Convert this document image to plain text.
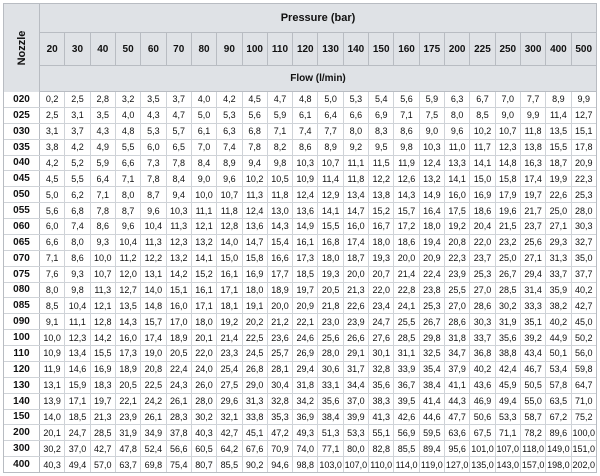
Nozzle
Pressure (bar)
20	30	40	50	60	70	80	90	100 110 120 130 140 150 160 175 200 225 250 300 400 500
Flow (l/min)
020	0,2	2,5	2,8	3,2	3,5	3,7	4,0	4,2	4,5	4,7	4,8	5,0	5,3	5,4	5,6	5,9	6,3	6,7	7,0	7,7	8,9	9,9
025	2,5	3,1	3,5	4,0	4,3	4,7	5,0	5,3	5,6	5,9	6,1	6,4	6,6	6,9	7,1	7,5	8,0	8,5	9,0	9,9	11,4 12,7
030	3,1	3,7	4,3	4,8	5,3	5,7	6,1	6,3	6,8	7,1	7,4	7,7	8,0	8,3	8,6	9,0	9,6	10,2 10,7 11,8 13,5 15,1
035	3,8	4,2	4,9	5,5	6,0	6,5	7,0	7,4	7,8	8,2	8,6	8,9	9,2	9,5	9,8	10,3 11,0 11,7 12,3 13,8 15,5 17,8
040	4,2	5,2	5,9	6,6	7,3	7,8	8,4	8,9	9,4	9,8	10,3 10,7 11,1 11,5 11,9 12,4 13,3 14,1 14,8 16,3 18,7 20,9
045	4,5	5,5	6,4	7,1	7,8	8,4	9,0	9,6	10,2 10,5 10,9 11,4 11,8 12,2 12,6 13,2 14,1 15,0 15,8 17,4 19,9 22,3
050	5,0	6,2	7,1	8,0	8,7	9,4	10,0 10,7 11,3 11,8 12,4 12,9 13,4 13,8 14,3 14,9 16,0 16,9 17,9 19,7 22,6 25,3
055	5,6	6,8	7,8	8,7	9,6	10,3 11,1 11,8 12,4 13,0 13,6 14,1 14,7 15,2 15,7 16,4 17,5 18,6 19,6 21,7 25,0 28,0
060	6,0	7,4	8,6	9,6	10,4 11,3 12,1 12,8 13,6 14,3 14,9 15,5 16,0 16,7 17,2 18,0 19,2 20,4 21,5 23,7 27,1 30,3
065	6,6	8,0	9,3	10,4 11,3 12,3 13,2 14,0 14,7 15,4 16,1 16,8 17,4 18,0 18,6 19,4 20,8 22,0 23,2 25,6 29,3 32,7
070	7,1	8,6	10,0 11,2 12,2 13,2 14,1 15,0 15,8 16,6 17,3 18,0 18,7 19,3 20,0 20,9 22,3 23,7 25,0 27,1 31,3 35,0
075	7,6	9,3	10,7 12,0 13,1 14,2 15,2 16,1 16,9 17,7 18,5 19,3 20,0 20,7 21,4 22,4 23,9 25,3 26,7 29,4 33,7 37,7
080	8,0	9,8	11,3 12,7 14,0 15,1 16,1 17,1 18,0 18,9 19,7 20,5 21,3 22,0 22,8 23,8 25,5 27,0 28,5 31,4 35,9 40,2
085	8,5	10,4 12,1 13,5 14,8 16,0 17,1 18,1 19,1 20,0 20,9 21,8 22,6 23,4 24,1 25,3 27,0 28,6 30,2 33,3 38,2 42,7
090	9,1	11,1 12,8 14,3 15,7 17,0 18,0 19,2 20,2 21,2 22,1 23,0 23,9 24,7 25,5 26,7 28,6 30,3 31,9 35,1 40,2 45,0
100	10,0 12,3 14,2 16,0 17,4 18,9 20,1 21,4 22,5 23,6 24,6 25,6 26,6 27,6 28,5 29,8 31,8 33,7 35,6 39,2 44,9 50,2
110	10,9 13,4 15,5 17,3 19,0 20,5 22,0 23,3 24,5 25,7 26,9 28,0 29,1 30,1 31,1 32,5 34,7 36,8 38,8 43,4 50,1 56,0
120	11,9 14,6 16,9 18,9 20,8 22,4 24,0 25,4 26,8 28,1 29,4 30,6 31,7 32,8 33,9 35,4 37,9 40,2 42,4 46,7 53,4 59,8
130	13,1 15,9 18,3 20,5 22,5 24,3 26,0 27,5 29,0 30,4 31,8 33,1 34,4 35,6 36,7 38,4 41,1 43,6 45,9 50,5 57,8 64,7
140	13,9 17,1 19,7 22,1 24,2 26,1 28,0 29,6 31,3 32,8 34,2 35,6 37,0 38,3 39,5 41,4 44,3 46,9 49,4 55,0 63,5 71,0
150	14,0 18,5 21,3 23,9 26,1 28,3 30,2 32,1 33,8 35,3 36,9 38,4 39,9 41,3 42,6 44,6 47,7 50,6 53,3 58,7 67,2 75,2
200	20,1 24,7 28,5 31,9 34,9 37,8 40,3 42,7 45,1 47,2 49,3 51,3 53,3 55,1 56,9 59,5 63,6 67,5 71,1 78,2 89,6 100,0
300	30,2 37,0 42,7 47,8 52,4 56,6 60,5 64,2 67,6 70,9 74,0 77,1 80,0 82,8 85,5 89,4 95,6 101,0 107,0 118,0 149,0 151,0
400	40,3 49,4 57,0 63,7 69,8 75,4 80,7 85,5 90,2 94,6 98,8 103,0 107,0 110,0 114,0 119,0 127,0 135,0 143,0 157,0 198,0 202,0
